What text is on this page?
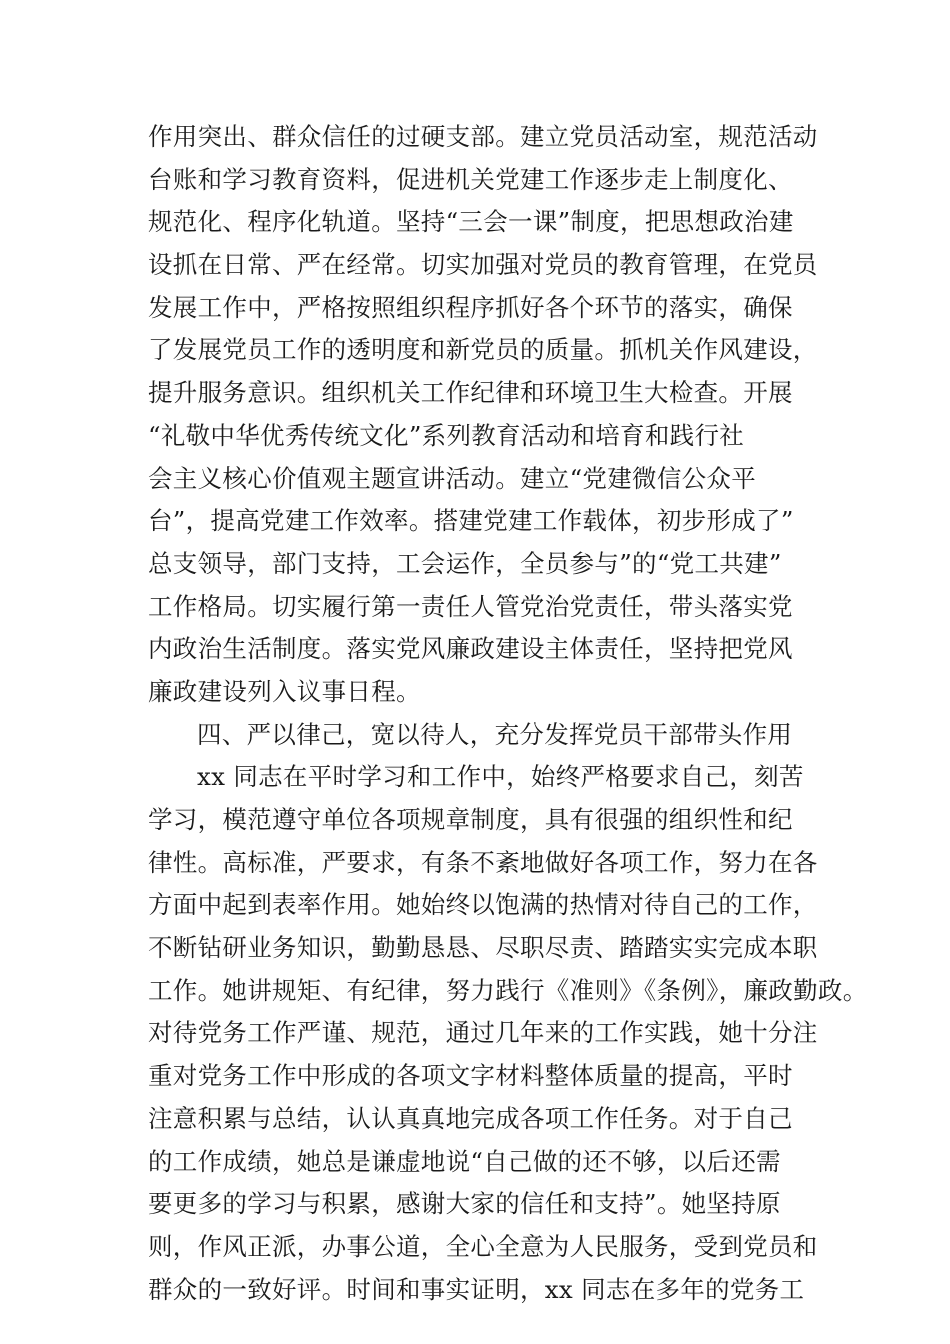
作用突出、群众信任的过硬支部。建立党员活动室，规范活动
台账和学习教育资料，促进机关党建工作逐步走上制度化、
规范化、程序化轨道。坚持“三会一课”制度，把思想政治建
设抓在日常、严在经常。切实加强对党员的教育管理，在党员
发展工作中，严格按照组织程序抓好各个环节的落实，确保
了发展党员工作的透明度和新党员的质量。抓机关作风建设，
提升服务意识。组织机关工作纪律和环境卫生大检查。开展
“礼敬中华优秀传统文化”系列教育活动和培育和践行社
会主义核心价值观主题宣讲活动。建立“党建微信公众平
台”，提高党建工作效率。搭建党建工作载体，初步形成了”
总支领导，部门支持，工会运作，全员参与”的“党工共建”
工作格局。切实履行第一责任人管党治党责任，带头落实党
内政治生活制度。落实党风廉政建设主体责任，坚持把党风
廉政建设列入议事日程。
四、严以律己，宽以待人，充分发挥党员干部带头作用
xx 同志在平时学习和工作中，始终严格要求自己，刻苦
学习，模范遵守单位各项规章制度，具有很强的组织性和纪
律性。高标准，严要求，有条不紊地做好各项工作，努力在各
方面中起到表率作用。她始终以饱满的热情对待自己的工作，
不断钻研业务知识，勤勤恳恳、尽职尽责、踏踏实实完成本职
工作。她讲规矩、有纪律，努力践行《准则》《条例》，廉政勤政。
对待党务工作严谨、规范，通过几年来的工作实践，她十分注
重对党务工作中形成的各项文字材料整体质量的提高，平时
注意积累与总结，认认真真地完成各项工作任务。对于自己
的工作成绩，她总是谦虚地说“自己做的还不够，以后还需
要更多的学习与积累，感谢大家的信任和支持”。她坚持原
则，作风正派，办事公道，全心全意为人民服务，受到党员和
群众的一致好评。时间和事实证明，xx 同志在多年的党务工
